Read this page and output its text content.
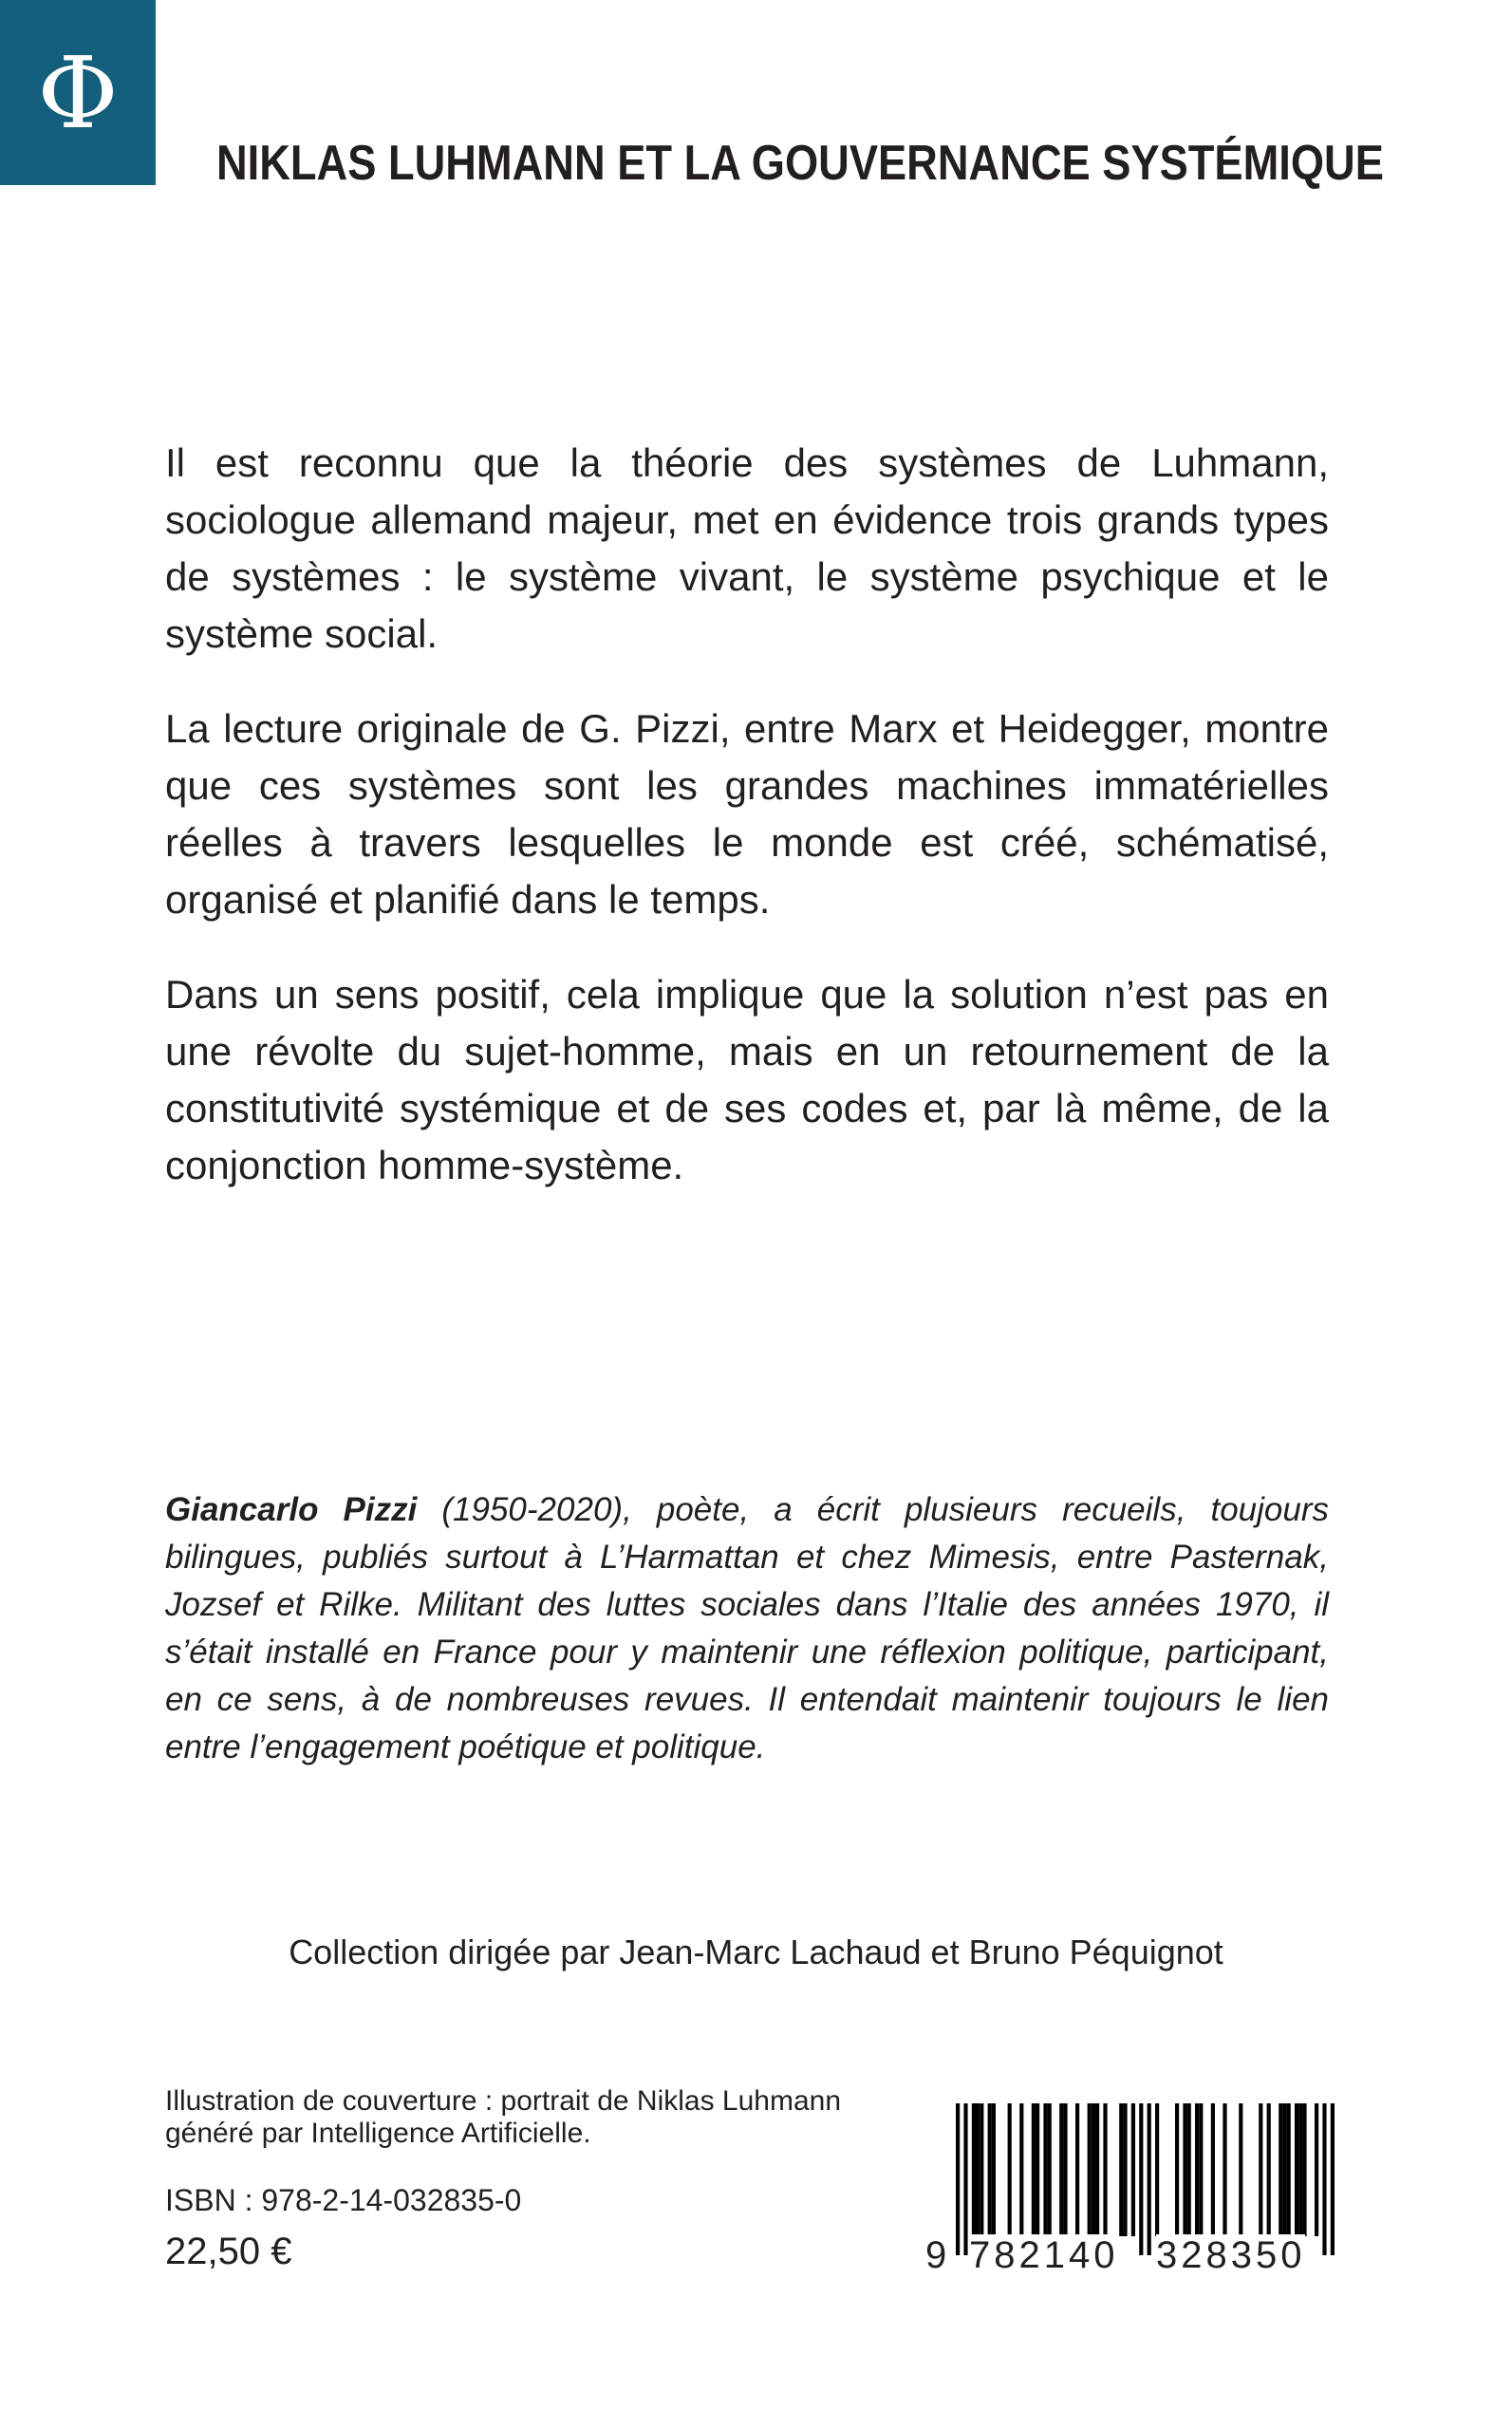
Φ
NIKLAS LUHMANN ET LA GOUVERNANCE SYSTÉMIQUE

Il est reconnu que la théorie des systèmes de Luhmann, sociologue allemand majeur, met en évidence trois grands types de systèmes : le système vivant, le système psychique et le système social.

La lecture originale de G. Pizzi, entre Marx et Heidegger, montre que ces systèmes sont les grandes machines immatérielles réelles à travers lesquelles le monde est créé, schématisé, organisé et planifié dans le temps.

Dans un sens positif, cela implique que la solution n’est pas en une révolte du sujet-homme, mais en un retournement de la constitutivité systémique et de ses codes et, par là même, de la conjonction homme-système.

Giancarlo Pizzi (1950-2020), poète, a écrit plusieurs recueils, toujours bilingues, publiés surtout à L’Harmattan et chez Mimesis, entre Pasternak, Jozsef et Rilke. Militant des luttes sociales dans l’Italie des années 1970, il s’était installé en France pour y maintenir une réflexion politique, participant, en ce sens, à de nombreuses revues. Il entendait maintenir toujours le lien entre l’engagement poétique et politique.

Collection dirigée par Jean-Marc Lachaud et Bruno Péquignot

Illustration de couverture : portrait de Niklas Luhmann
généré par Intelligence Artificielle.

ISBN : 978-2-14-032835-0

22,50 €	9 782140 328350
